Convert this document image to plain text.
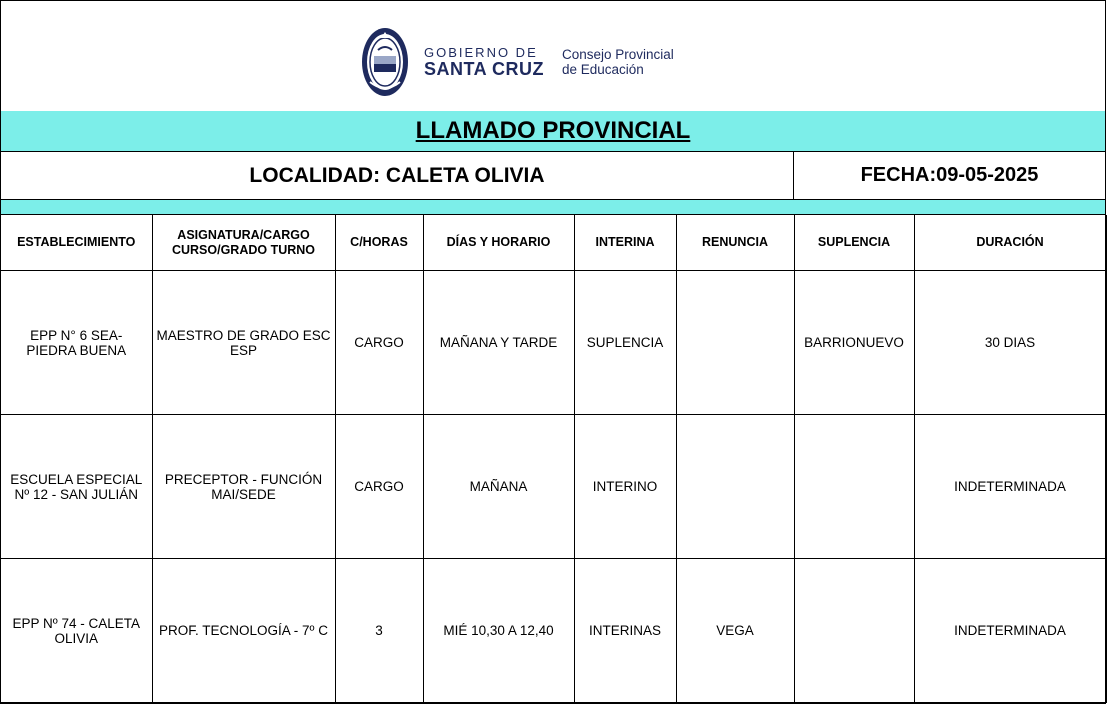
GOBIERNO DE
SANTA CRUZ
Consejo Provincial
de Educación
LLAMADO PROVINCIAL
LOCALIDAD: CALETA OLIVIA	FECHA:09-05-2025
ESTABLECIMIENTO	ASIGNATURA/CARGO CURSO/GRADO TURNO	C/HORAS	DÍAS Y HORARIO	INTERINA	RENUNCIA	SUPLENCIA	DURACIÓN
EPP N° 6 SEA- PIEDRA BUENA	MAESTRO DE GRADO ESC ESP	CARGO	MAÑANA Y TARDE	SUPLENCIA		BARRIONUEVO	30 DIAS
ESCUELA ESPECIAL Nº 12 - SAN JULIÁN	PRECEPTOR - FUNCIÓN MAI/SEDE	CARGO	MAÑANA	INTERINO			INDETERMINADA
EPP Nº 74 - CALETA OLIVIA	PROF. TECNOLOGÍA - 7º C	3	MIÉ 10,30 A 12,40	INTERINAS	VEGA		INDETERMINADA
